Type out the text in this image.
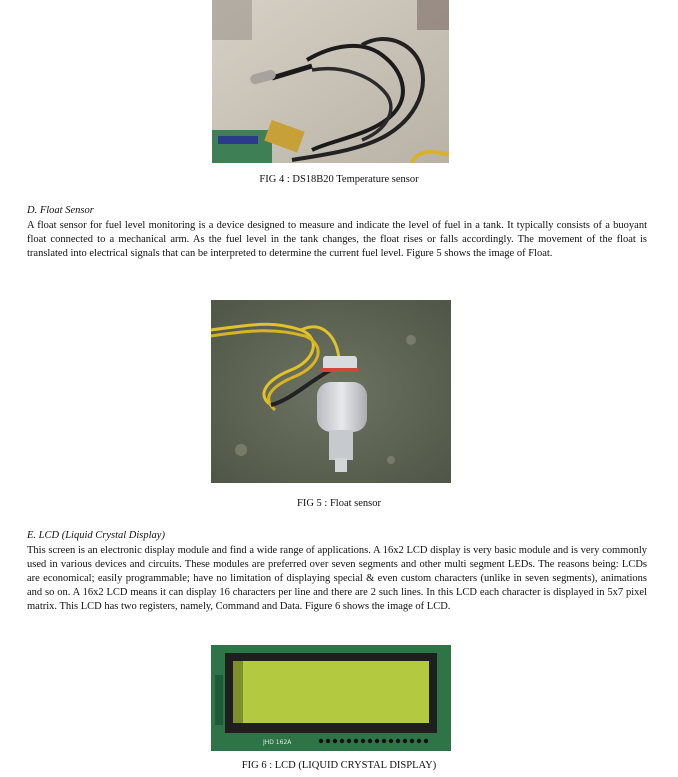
FIG 4 : DS18B20 Temperature sensor
D. Float Sensor

A float sensor for fuel level monitoring is a device designed to measure and indicate the level of fuel in a tank. It typically consists of a buoyant float connected to a mechanical arm. As the fuel level in the tank changes, the float rises or falls accordingly. The movement of the float is translated into electrical signals that can be interpreted to determine the current fuel level. Figure 5 shows the image of Float.

FIG 5 : Float sensor
E. LCD (Liquid Crystal Display)

This screen is an electronic display module and find a wide range of applications. A 16x2 LCD display is very basic module and is very commonly used in various devices and circuits. These modules are preferred over seven segments and other multi segment LEDs. The reasons being: LCDs are economical; easily programmable; have no limitation of displaying special & even custom characters (unlike in seven segments), animations and so on. A 16x2 LCD means it can display 16 characters per line and there are 2 such lines. In this LCD each character is displayed in 5x7 pixel matrix. This LCD has two registers, namely, Command and Data. Figure 6 shows the image of LCD.

JHD 162A
FIG 6 : LCD (LIQUID CRYSTAL DISPLAY)
